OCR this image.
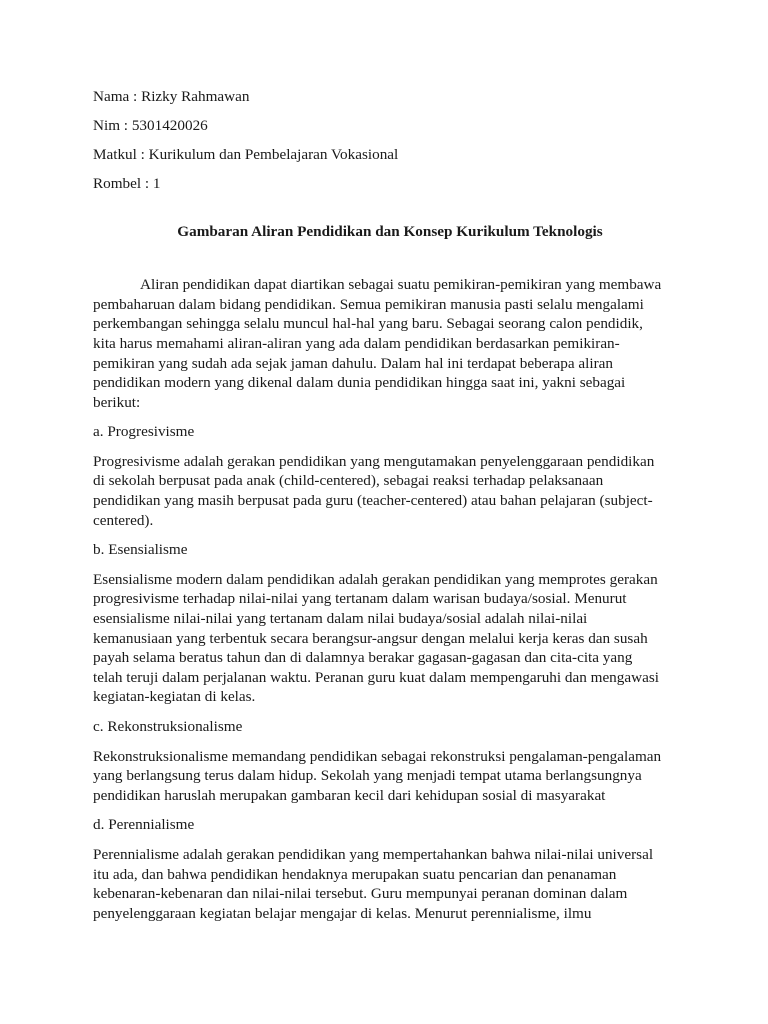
Nama : Rizky Rahmawan

Nim : 5301420026

Matkul : Kurikulum dan Pembelajaran Vokasional

Rombel : 1

Gambaran Aliran Pendidikan dan Konsep Kurikulum Teknologis

Aliran pendidikan dapat diartikan sebagai suatu pemikiran-pemikiran yang membawa
pembaharuan dalam bidang pendidikan. Semua pemikiran manusia pasti selalu mengalami
perkembangan sehingga selalu muncul hal-hal yang baru. Sebagai seorang calon pendidik,
kita harus memahami aliran-aliran yang ada dalam pendidikan berdasarkan pemikiran-
pemikiran yang sudah ada sejak jaman dahulu. Dalam hal ini terdapat beberapa aliran
pendidikan modern yang dikenal dalam dunia pendidikan hingga saat ini, yakni sebagai
berikut:

a. Progresivisme

Progresivisme adalah gerakan pendidikan yang mengutamakan penyelenggaraan pendidikan
di sekolah berpusat pada anak (child-centered), sebagai reaksi terhadap pelaksanaan
pendidikan yang masih berpusat pada guru (teacher-centered) atau bahan pelajaran (subject-
centered).

b. Esensialisme

Esensialisme modern dalam pendidikan adalah gerakan pendidikan yang memprotes gerakan
progresivisme terhadap nilai-nilai yang tertanam dalam warisan budaya/sosial. Menurut
esensialisme nilai-nilai yang tertanam dalam nilai budaya/sosial adalah nilai-nilai
kemanusiaan yang terbentuk secara berangsur-angsur dengan melalui kerja keras dan susah
payah selama beratus tahun dan di dalamnya berakar gagasan-gagasan dan cita-cita yang
telah teruji dalam perjalanan waktu. Peranan guru kuat dalam mempengaruhi dan mengawasi
kegiatan-kegiatan di kelas.

c. Rekonstruksionalisme

Rekonstruksionalisme memandang pendidikan sebagai rekonstruksi pengalaman-pengalaman
yang berlangsung terus dalam hidup. Sekolah yang menjadi tempat utama berlangsungnya
pendidikan haruslah merupakan gambaran kecil dari kehidupan sosial di masyarakat

d. Perennialisme

Perennialisme adalah gerakan pendidikan yang mempertahankan bahwa nilai-nilai universal
itu ada, dan bahwa pendidikan hendaknya merupakan suatu pencarian dan penanaman
kebenaran-kebenaran dan nilai-nilai tersebut. Guru mempunyai peranan dominan dalam
penyelenggaraan kegiatan belajar mengajar di kelas. Menurut perennialisme, ilmu
